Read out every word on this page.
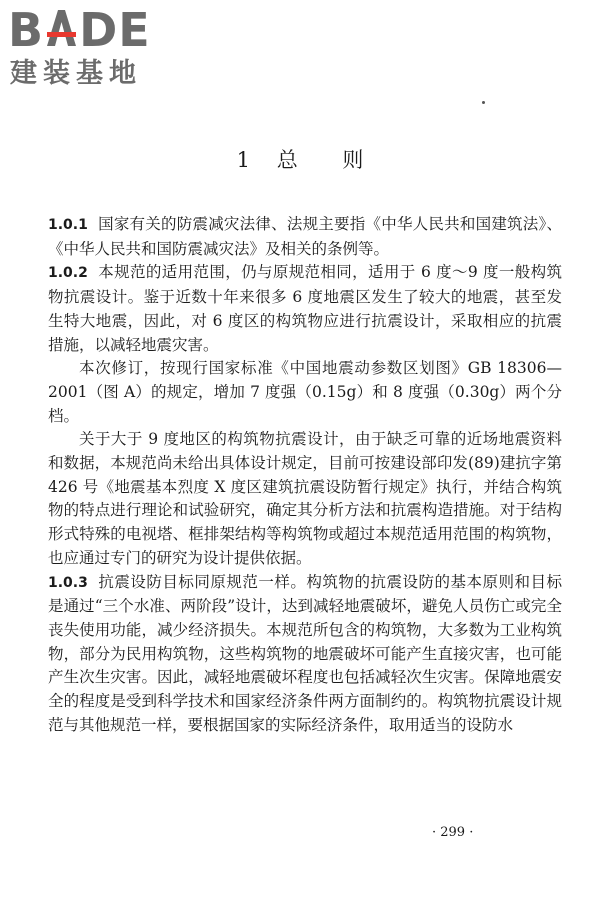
B DE
建装基地
1 总 则

1.0.1 国家有关的防震减灾法律、法规主要指《中华人民共和国建筑法》、《中华人民共和国防震减灾法》及相关的条例等。

1.0.2 本规范的适用范围，仍与原规范相同，适用于 6 度～9 度一般构筑物抗震设计。鉴于近数十年来很多 6 度地震区发生了较大的地震，甚至发生特大地震，因此，对 6 度区的构筑物应进行抗震设计，采取相应的抗震措施，以减轻地震灾害。

本次修订，按现行国家标准《中国地震动参数区划图》GB 18306—2001（图 A）的规定，增加 7 度强（0.15g）和 8 度强（0.30g）两个分档。

关于大于 9 度地区的构筑物抗震设计，由于缺乏可靠的近场地震资料和数据，本规范尚未给出具体设计规定，目前可按建设部印发(89)建抗字第 426 号《地震基本烈度 X 度区建筑抗震设防暂行规定》执行，并结合构筑物的特点进行理论和试验研究，确定其分析方法和抗震构造措施。对于结构形式特殊的电视塔、框排架结构等构筑物或超过本规范适用范围的构筑物，也应通过专门的研究为设计提供依据。

1.0.3 抗震设防目标同原规范一样。构筑物的抗震设防的基本原则和目标是通过“三个水准、两阶段”设计，达到减轻地震破坏，避免人员伤亡或完全丧失使用功能，减少经济损失。本规范所包含的构筑物，大多数为工业构筑物，部分为民用构筑物，这些构筑物的地震破坏可能产生直接灾害，也可能产生次生灾害。因此，减轻地震破坏程度也包括减轻次生灾害。保障地震安全的程度是受到科学技术和国家经济条件两方面制约的。构筑物抗震设计规范与其他规范一样，要根据国家的实际经济条件，取用适当的设防水

· 299 ·
